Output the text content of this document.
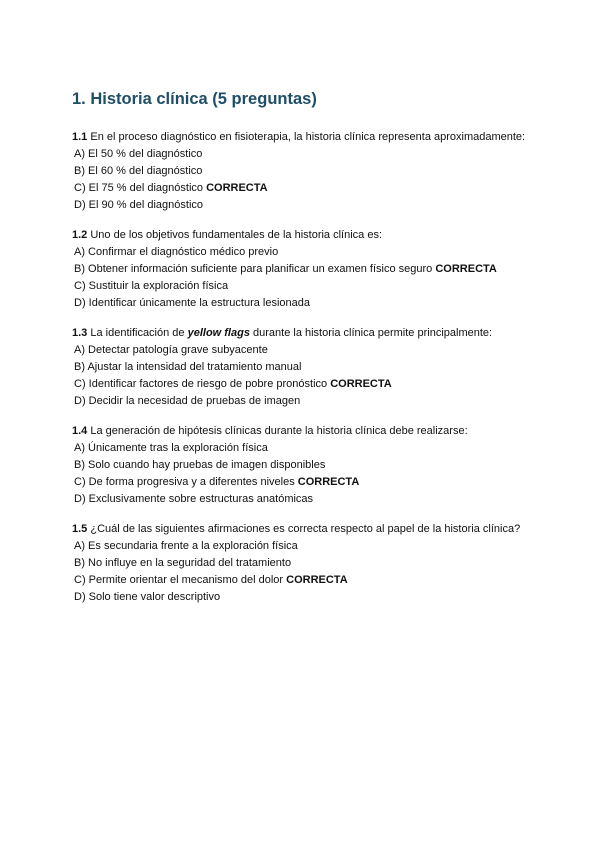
1. Historia clínica (5 preguntas)

1.1 En el proceso diagnóstico en fisioterapia, la historia clínica representa aproximadamente:

A) El 50 % del diagnóstico
B) El 60 % del diagnóstico
C) El 75 % del diagnóstico CORRECTA
D) El 90 % del diagnóstico

1.2 Uno de los objetivos fundamentales de la historia clínica es:

A) Confirmar el diagnóstico médico previo
B) Obtener información suficiente para planificar un examen físico seguro CORRECTA
C) Sustituir la exploración física
D) Identificar únicamente la estructura lesionada

1.3 La identificación de yellow flags durante la historia clínica permite principalmente:

A) Detectar patología grave subyacente
B) Ajustar la intensidad del tratamiento manual
C) Identificar factores de riesgo de pobre pronóstico CORRECTA
D) Decidir la necesidad de pruebas de imagen

1.4 La generación de hipótesis clínicas durante la historia clínica debe realizarse:

A) Únicamente tras la exploración física
B) Solo cuando hay pruebas de imagen disponibles
C) De forma progresiva y a diferentes niveles CORRECTA
D) Exclusivamente sobre estructuras anatómicas

1.5 ¿Cuál de las siguientes afirmaciones es correcta respecto al papel de la historia clínica?

A) Es secundaria frente a la exploración física
B) No influye en la seguridad del tratamiento
C) Permite orientar el mecanismo del dolor CORRECTA
D) Solo tiene valor descriptivo
